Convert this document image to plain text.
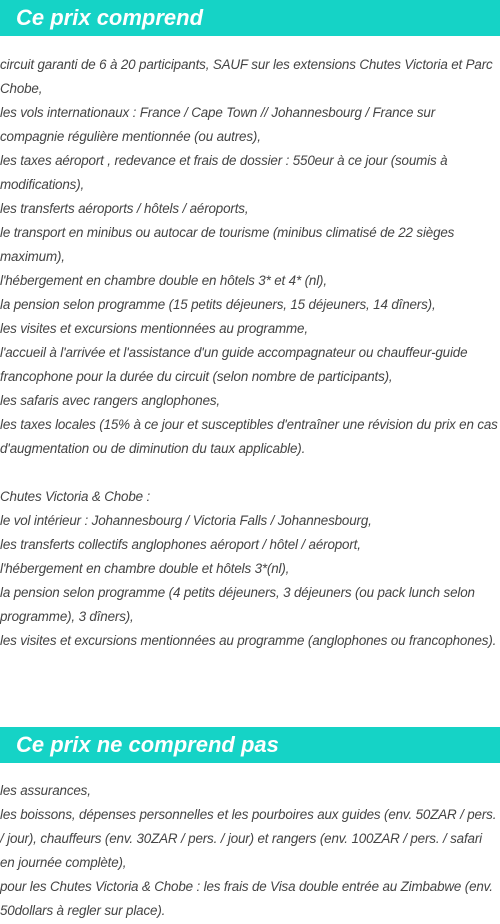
Ce prix comprend
circuit garanti de 6 à 20 participants, SAUF sur les extensions Chutes Victoria et Parc Chobe,
les vols internationaux : France / Cape Town // Johannesbourg / France sur compagnie régulière mentionnée (ou autres),
les taxes aéroport , redevance et frais de dossier : 550eur à ce jour (soumis à modifications),
les transferts aéroports / hôtels / aéroports,
le transport en minibus ou autocar de tourisme (minibus climatisé de 22 sièges maximum),
l'hébergement en chambre double en hôtels 3* et 4* (nl),
la pension selon programme (15 petits déjeuners, 15 déjeuners, 14 dîners),
les visites et excursions mentionnées au programme,
l'accueil à l'arrivée et l'assistance d'un guide accompagnateur ou chauffeur-guide francophone pour la durée du circuit (selon nombre de participants),
les safaris avec rangers anglophones,
les taxes locales (15% à ce jour et susceptibles d'entraîner une révision du prix en cas d'augmentation ou de diminution du taux applicable).
Chutes Victoria & Chobe :
le vol intérieur : Johannesbourg / Victoria Falls / Johannesbourg,
les transferts collectifs anglophones aéroport / hôtel / aéroport,
l'hébergement en chambre double et hôtels 3*(nl),
la pension selon programme (4 petits déjeuners, 3 déjeuners (ou pack lunch selon programme), 3 dîners),
les visites et excursions mentionnées au programme (anglophones ou francophones).
Ce prix ne comprend pas
les assurances,
les boissons, dépenses personnelles et les pourboires aux guides (env. 50ZAR / pers. / jour), chauffeurs (env. 30ZAR / pers. / jour) et rangers (env. 100ZAR / pers. / safari en journée complète),
pour les Chutes Victoria & Chobe : les frais de Visa double entrée au Zimbabwe (env. 50dollars à regler sur place).
